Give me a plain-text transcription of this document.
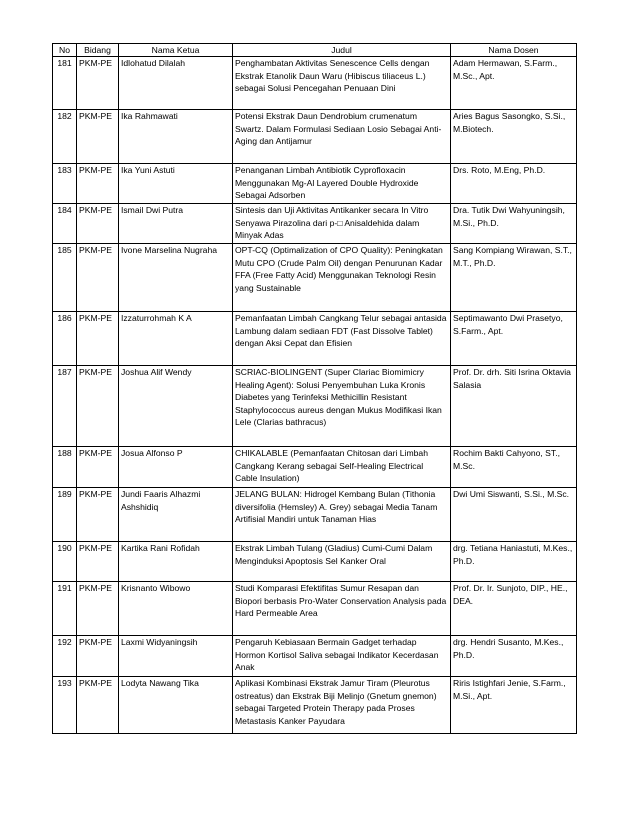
No	Bidang	Nama Ketua	Judul	Nama Dosen
181	PKM-PE	Idlohatud Dilalah	Penghambatan Aktivitas Senescence Cells dengan Ekstrak Etanolik Daun Waru (Hibiscus tiliaceus L.) sebagai Solusi Pencegahan Penuaan Dini	Adam Hermawan, S.Farm., M.Sc., Apt.
182	PKM-PE	Ika Rahmawati	Potensi Ekstrak Daun Dendrobium crumenatum Swartz. Dalam Formulasi Sediaan Losio Sebagai Anti-Aging dan Antijamur	Aries Bagus Sasongko, S.Si., M.Biotech.
183	PKM-PE	Ika Yuni Astuti	Penanganan Limbah Antibiotik Cyprofloxacin Menggunakan Mg-Al Layered Double Hydroxide Sebagai Adsorben	Drs. Roto, M.Eng, Ph.D.
184	PKM-PE	Ismail Dwi Putra	Sintesis dan Uji Aktivitas Antikanker secara In Vitro Senyawa Pirazolina dari p-□ Anisaldehida dalam Minyak Adas	Dra. Tutik Dwi Wahyuningsih, M.Si., Ph.D.
185	PKM-PE	Ivone Marselina Nugraha	OPT-CQ (Optimalization of CPO Quality): Peningkatan Mutu CPO (Crude Palm Oil) dengan Penurunan Kadar FFA (Free Fatty Acid) Menggunakan Teknologi Resin yang Sustainable	Sang Kompiang Wirawan, S.T., M.T., Ph.D.
186	PKM-PE	Izzaturrohmah K A	Pemanfaatan Limbah Cangkang Telur sebagai antasida Lambung dalam sediaan FDT (Fast Dissolve Tablet) dengan Aksi Cepat dan Efisien	Septimawanto Dwi Prasetyo, S.Farm., Apt.
187	PKM-PE	Joshua Alif Wendy	SCRIAC-BIOLINGENT (Super Clariac Biomimicry Healing Agent): Solusi Penyembuhan Luka Kronis Diabetes yang Terinfeksi Methicillin Resistant Staphylococcus aureus dengan Mukus Modifikasi Ikan Lele (Clarias bathracus)	Prof. Dr. drh. Siti Isrina Oktavia Salasia
188	PKM-PE	Josua Alfonso P	CHIKALABLE (Pemanfaatan Chitosan dari Limbah Cangkang Kerang sebagai Self-Healing Electrical Cable Insulation)	Rochim Bakti Cahyono, ST., M.Sc.
189	PKM-PE	Jundi Faaris Alhazmi Ashshidiq	JELANG BULAN: Hidrogel Kembang Bulan (Tithonia diversifolia (Hemsley) A. Grey) sebagai Media Tanam Artifisial Mandiri untuk Tanaman Hias	Dwi Umi Siswanti, S.Si., M.Sc.
190	PKM-PE	Kartika Rani Rofidah	Ekstrak Limbah Tulang (Gladius) Cumi-Cumi Dalam Menginduksi Apoptosis Sel Kanker Oral	drg. Tetiana Haniastuti, M.Kes., Ph.D.
191	PKM-PE	Krisnanto Wibowo	Studi Komparasi Efektifitas Sumur Resapan dan Biopori berbasis Pro-Water Conservation Analysis pada Hard Permeable Area	Prof. Dr. Ir. Sunjoto, DIP., HE., DEA.
192	PKM-PE	Laxmi Widyaningsih	Pengaruh Kebiasaan Bermain Gadget terhadap Hormon Kortisol Saliva sebagai Indikator Kecerdasan Anak	drg. Hendri Susanto, M.Kes., Ph.D.
193	PKM-PE	Lodyta Nawang Tika	Aplikasi Kombinasi Ekstrak Jamur Tiram (Pleurotus ostreatus) dan Ekstrak Biji Melinjo (Gnetum gnemon) sebagai Targeted Protein Therapy pada Proses Metastasis Kanker Payudara	Riris Istighfari Jenie, S.Farm., M.Si., Apt.
